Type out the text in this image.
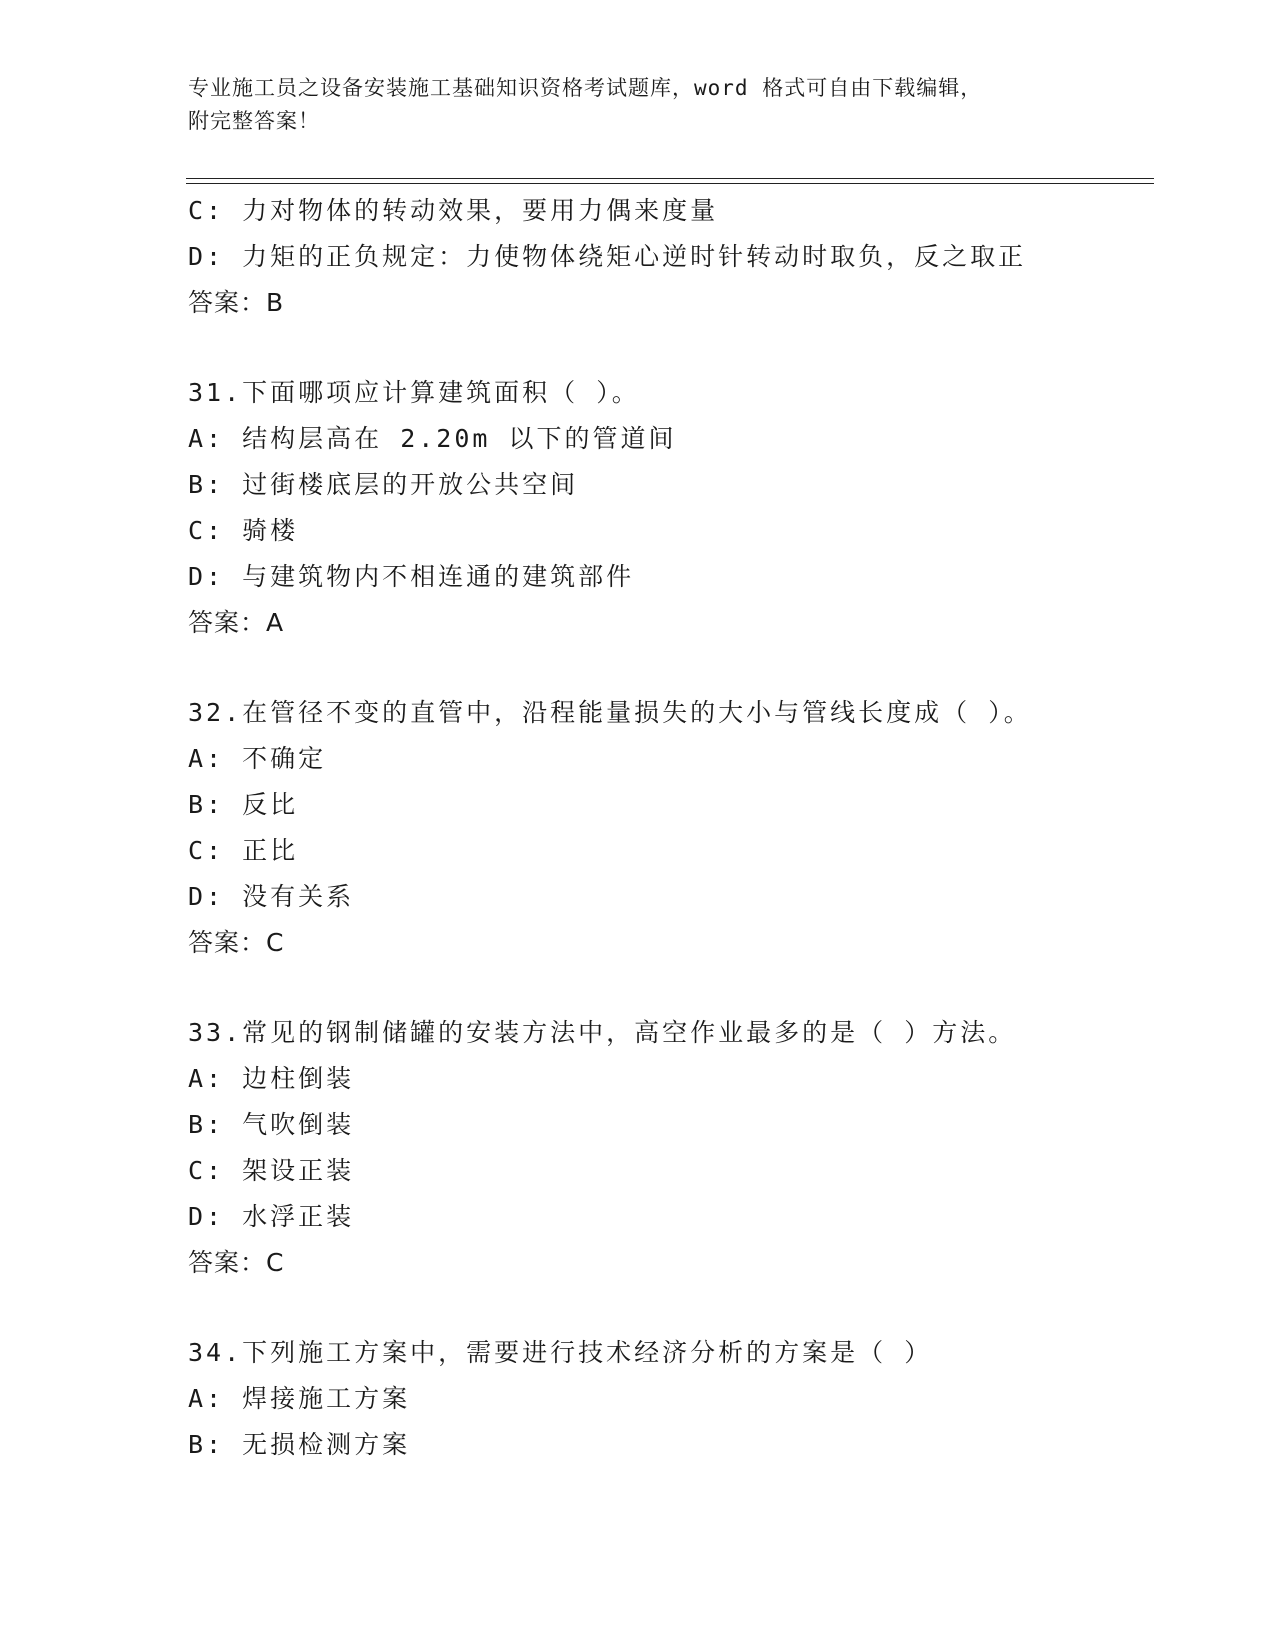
专业施工员之设备安装施工基础知识资格考试题库，word 格式可自由下载编辑，
附完整答案！
C: 力对物体的转动效果，要用力偶来度量
D: 力矩的正负规定：力使物体绕矩心逆时针转动时取负，反之取正
答案：B
31.下面哪项应计算建筑面积（ ）。
A: 结构层高在 2.20m 以下的管道间
B: 过街楼底层的开放公共空间
C: 骑楼
D: 与建筑物内不相连通的建筑部件
答案：A
32.在管径不变的直管中，沿程能量损失的大小与管线长度成（ ）。
A: 不确定
B: 反比
C: 正比
D: 没有关系
答案：C
33.常见的钢制储罐的安装方法中，高空作业最多的是（ ）方法。
A: 边柱倒装
B: 气吹倒装
C: 架设正装
D: 水浮正装
答案：C
34.下列施工方案中，需要进行技术经济分析的方案是（ ）
A: 焊接施工方案
B: 无损检测方案
